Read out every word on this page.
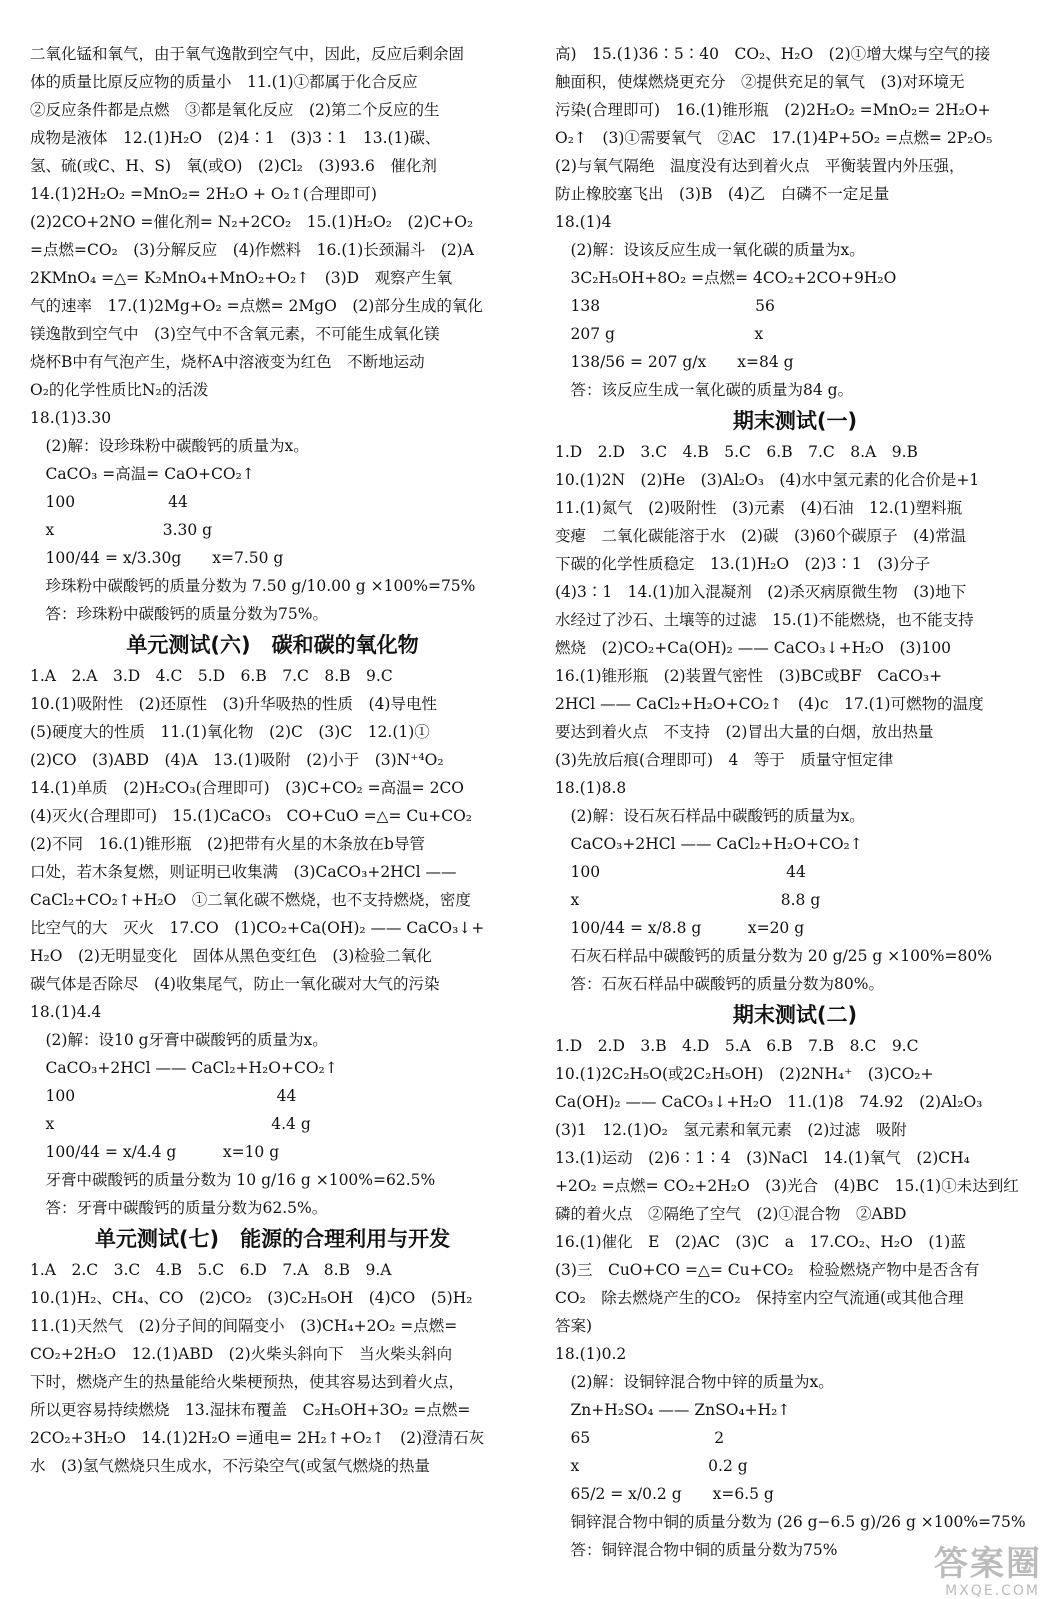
二氧化锰和氧气，由于氧气逸散到空气中，因此，反应后剩余固
体的质量比原反应物的质量小　11.(1)①都属于化合反应
②反应条件都是点燃　③都是氧化反应　(2)第二个反应的生
成物是液体　12.(1)H₂O　(2)4∶1　(3)3∶1　13.(1)碳、
氢、硫(或C、H、S)　氧(或O)　(2)Cl₂　(3)93.6　催化剂
14.(1)2H₂O₂ =MnO₂= 2H₂O + O₂↑(合理即可)
(2)2CO+2NO =催化剂= N₂+2CO₂　15.(1)H₂O₂　(2)C+O₂
=点燃=CO₂　(3)分解反应　(4)作燃料　16.(1)长颈漏斗　(2)A
2KMnO₄ =△= K₂MnO₄+MnO₂+O₂↑　(3)D　观察产生氧
气的速率　17.(1)2Mg+O₂ =点燃= 2MgO　(2)部分生成的氧化
镁逸散到空气中　(3)空气中不含氧元素，不可能生成氧化镁
烧杯B中有气泡产生，烧杯A中溶液变为红色　不断地运动
O₂的化学性质比N₂的活泼
18.(1)3.30
　(2)解：设珍珠粉中碳酸钙的质量为x。
　CaCO₃ =高温= CaO+CO₂↑
　100　　　　　　44
　x　　　　　　　3.30 g
　100/44 = x/3.30g　　x=7.50 g
　珍珠粉中碳酸钙的质量分数为 7.50 g/10.00 g ×100%=75%
　答：珍珠粉中碳酸钙的质量分数为75%。
单元测试(六)　碳和碳的氧化物
1.A　2.A　3.D　4.C　5.D　6.B　7.C　8.B　9.C
10.(1)吸附性　(2)还原性　(3)升华吸热的性质　(4)导电性
(5)硬度大的性质　11.(1)氧化物　(2)C　(3)C　12.(1)①
(2)CO　(3)ABD　(4)A　13.(1)吸附　(2)小于　(3)N⁺⁴O₂
14.(1)单质　(2)H₂CO₃(合理即可)　(3)C+CO₂ =高温= 2CO
(4)灭火(合理即可)　15.(1)CaCO₃　CO+CuO =△= Cu+CO₂
(2)不同　16.(1)锥形瓶　(2)把带有火星的木条放在b导管
口处，若木条复燃，则证明已收集满　(3)CaCO₃+2HCl ——
CaCl₂+CO₂↑+H₂O　①二氧化碳不燃烧，也不支持燃烧，密度
比空气的大　灭火　17.CO　(1)CO₂+Ca(OH)₂ —— CaCO₃↓+
H₂O　(2)无明显变化　固体从黑色变红色　(3)检验二氧化
碳气体是否除尽　(4)收集尾气，防止一氧化碳对大气的污染
18.(1)4.4
　(2)解：设10 g牙膏中碳酸钙的质量为x。
　CaCO₃+2HCl —— CaCl₂+H₂O+CO₂↑
　100　　　　　　　　　　　　　44
　x　　　　　　　　　　　　　　4.4 g
　100/44 = x/4.4 g　　　x=10 g
　牙膏中碳酸钙的质量分数为 10 g/16 g ×100%=62.5%
　答：牙膏中碳酸钙的质量分数为62.5%。
单元测试(七)　能源的合理利用与开发
1.A　2.C　3.C　4.B　5.C　6.D　7.A　8.B　9.A
10.(1)H₂、CH₄、CO　(2)CO₂　(3)C₂H₅OH　(4)CO　(5)H₂
11.(1)天然气　(2)分子间的间隔变小　(3)CH₄+2O₂ =点燃=
CO₂+2H₂O　12.(1)ABD　(2)火柴头斜向下　当火柴头斜向
下时，燃烧产生的热量能给火柴梗预热，使其容易达到着火点，
所以更容易持续燃烧　13.湿抹布覆盖　C₂H₅OH+3O₂ =点燃=
2CO₂+3H₂O　14.(1)2H₂O =通电= 2H₂↑+O₂↑　(2)澄清石灰
水　(3)氢气燃烧只生成水，不污染空气(或氢气燃烧的热量
高)　15.(1)36∶5∶40　CO₂、H₂O　(2)①增大煤与空气的接
触面积，使煤燃烧更充分　②提供充足的氧气　(3)对环境无
污染(合理即可)　16.(1)锥形瓶　(2)2H₂O₂ =MnO₂= 2H₂O+
O₂↑　(3)①需要氧气　②AC　17.(1)4P+5O₂ =点燃= 2P₂O₅
(2)与氧气隔绝　温度没有达到着火点　平衡装置内外压强，
防止橡胶塞飞出　(3)B　(4)乙　白磷不一定足量
18.(1)4
　(2)解：设该反应生成一氧化碳的质量为x。
　3C₂H₅OH+8O₂ =点燃= 4CO₂+2CO+9H₂O
　138　　　　　　　　　　56
　207 g　　　　　　　　　x
　138/56 = 207 g/x　　x=84 g
　答：该反应生成一氧化碳的质量为84 g。
期末测试(一)
1.D　2.D　3.C　4.B　5.C　6.B　7.C　8.A　9.B
10.(1)2N　(2)He　(3)Al₂O₃　(4)水中氢元素的化合价是+1
11.(1)氮气　(2)吸附性　(3)元素　(4)石油　12.(1)塑料瓶
变瘪　二氧化碳能溶于水　(2)碳　(3)60个碳原子　(4)常温
下碳的化学性质稳定　13.(1)H₂O　(2)3∶1　(3)分子
(4)3∶1　14.(1)加入混凝剂　(2)杀灭病原微生物　(3)地下
水经过了沙石、土壤等的过滤　15.(1)不能燃烧，也不能支持
燃烧　(2)CO₂+Ca(OH)₂ —— CaCO₃↓+H₂O　(3)100
16.(1)锥形瓶　(2)装置气密性　(3)BC或BF　CaCO₃+
2HCl —— CaCl₂+H₂O+CO₂↑　(4)c　17.(1)可燃物的温度
要达到着火点　不支持　(2)冒出大量的白烟，放出热量
(3)先放后痕(合理即可)　4　等于　质量守恒定律
18.(1)8.8
　(2)解：设石灰石样品中碳酸钙的质量为x。
　CaCO₃+2HCl —— CaCl₂+H₂O+CO₂↑
　100　　　　　　　　　　　　44
　x　　　　　　　　　　　　　8.8 g
　100/44 = x/8.8 g　　　x=20 g
　石灰石样品中碳酸钙的质量分数为 20 g/25 g ×100%=80%
　答：石灰石样品中碳酸钙的质量分数为80%。
期末测试(二)
1.D　2.D　3.B　4.D　5.A　6.B　7.B　8.C　9.C
10.(1)2C₂H₅O(或2C₂H₅OH)　(2)2NH₄⁺　(3)CO₂+
Ca(OH)₂ —— CaCO₃↓+H₂O　11.(1)8　74.92　(2)Al₂O₃
(3)1　12.(1)O₂　氢元素和氧元素　(2)过滤　吸附
13.(1)运动　(2)6∶1∶4　(3)NaCl　14.(1)氧气　(2)CH₄
+2O₂ =点燃= CO₂+2H₂O　(3)光合　(4)BC　15.(1)①未达到红
磷的着火点　②隔绝了空气　(2)①混合物　②ABD
16.(1)催化　E　(2)AC　(3)C　a　17.CO₂、H₂O　(1)蓝
(3)三　CuO+CO =△= Cu+CO₂　检验燃烧产物中是否含有
CO₂　除去燃烧产生的CO₂　保持室内空气流通(或其他合理
答案)
18.(1)0.2
　(2)解：设铜锌混合物中锌的质量为x。
　Zn+H₂SO₄ —— ZnSO₄+H₂↑
　65　　　　　　　　2
　x　　　　　　　　 0.2 g
　65/2 = x/0.2 g　　x=6.5 g
　铜锌混合物中铜的质量分数为 (26 g−6.5 g)/26 g ×100%=75%
　答：铜锌混合物中铜的质量分数为75%	答案圈
MXQE.COM
